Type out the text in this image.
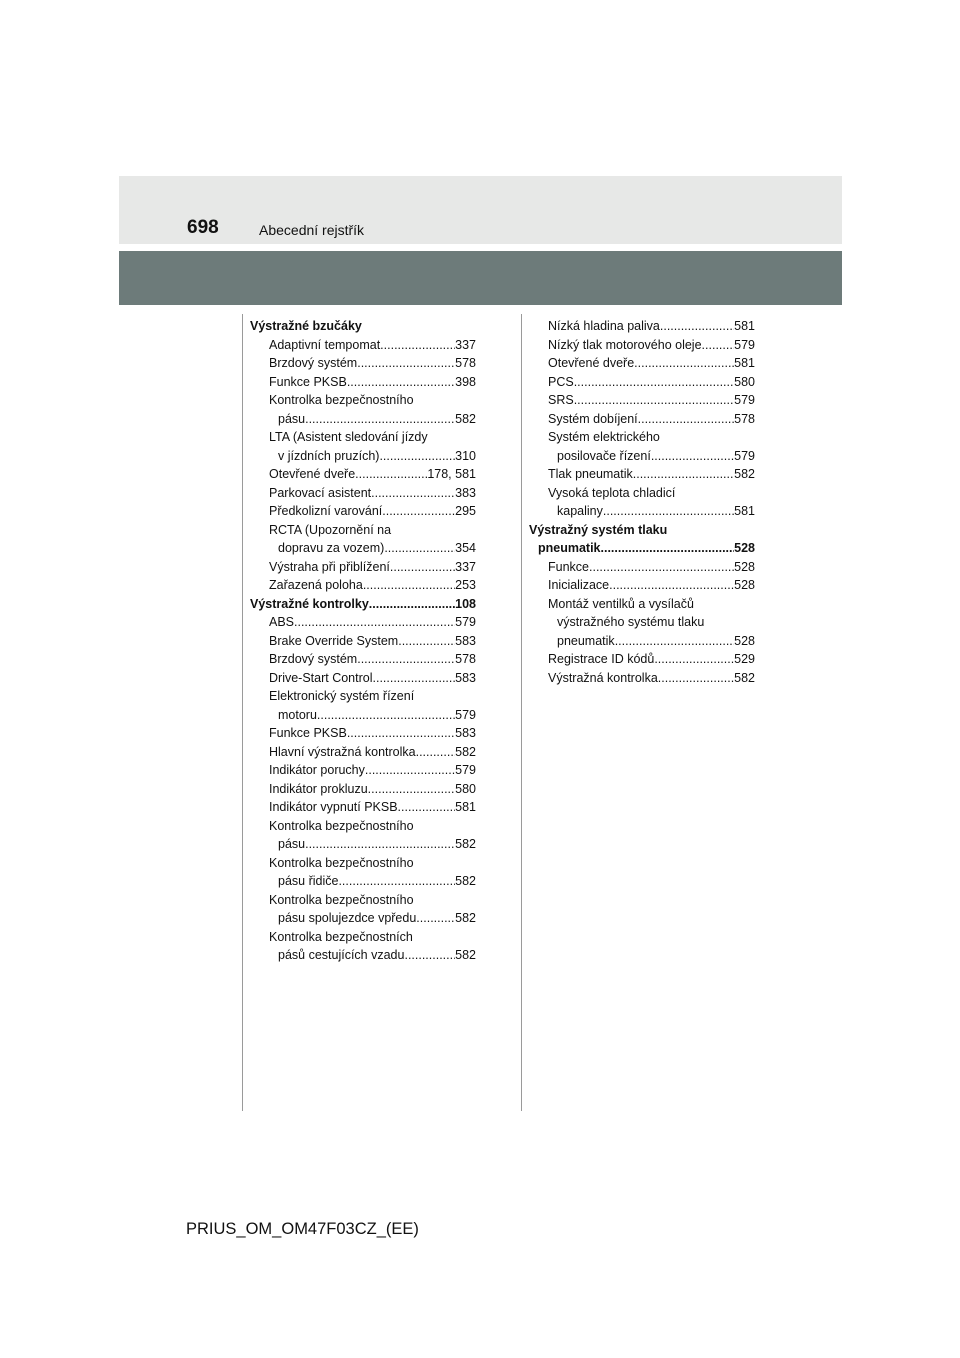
698	Abecední rejstřík
Výstražné bzučáky
Adaptivní tempomat .....	337
Brzdový systém .....	578
Funkce PKSB .....	398
Kontrolka bezpečnostního
pásu .....	582
LTA (Asistent sledování jízdy
v jízdních pruzích) .....	310
Otevřené dveře .....	178, 581
Parkovací asistent .....	383
Předkolizní varování .....	295
RCTA (Upozornění na
dopravu za vozem) .....	354
Výstraha při přiblížení .....	337
Zařazená poloha .....	253
Výstražné kontrolky .....	108
ABS .....	579
Brake Override System .....	583
Brzdový systém .....	578
Drive-Start Control .....	583
Elektronický systém řízení
motoru .....	579
Funkce PKSB .....	583
Hlavní výstražná kontrolka .....	582
Indikátor poruchy .....	579
Indikátor prokluzu .....	580
Indikátor vypnutí PKSB .....	581
Kontrolka bezpečnostního
pásu .....	582
Kontrolka bezpečnostního
pásu řidiče .....	582
Kontrolka bezpečnostního
pásu spolujezdce vpředu .....	582
Kontrolka bezpečnostních
pásů cestujících vzadu .....	582
Nízká hladina paliva .....	581
Nízký tlak motorového oleje .....	579
Otevřené dveře .....	581
PCS .....	580
SRS .....	579
Systém dobíjení .....	578
Systém elektrického
posilovače řízení .....	579
Tlak pneumatik .....	582
Vysoká teplota chladicí
kapaliny .....	581
Výstražný systém tlaku
pneumatik .....	528
Funkce .....	528
Inicializace .....	528
Montáž ventilků a vysílačů
výstražného systému tlaku
pneumatik .....	528
Registrace ID kódů .....	529
Výstražná kontrolka .....	582
PRIUS_OM_OM47F03CZ_(EE)
